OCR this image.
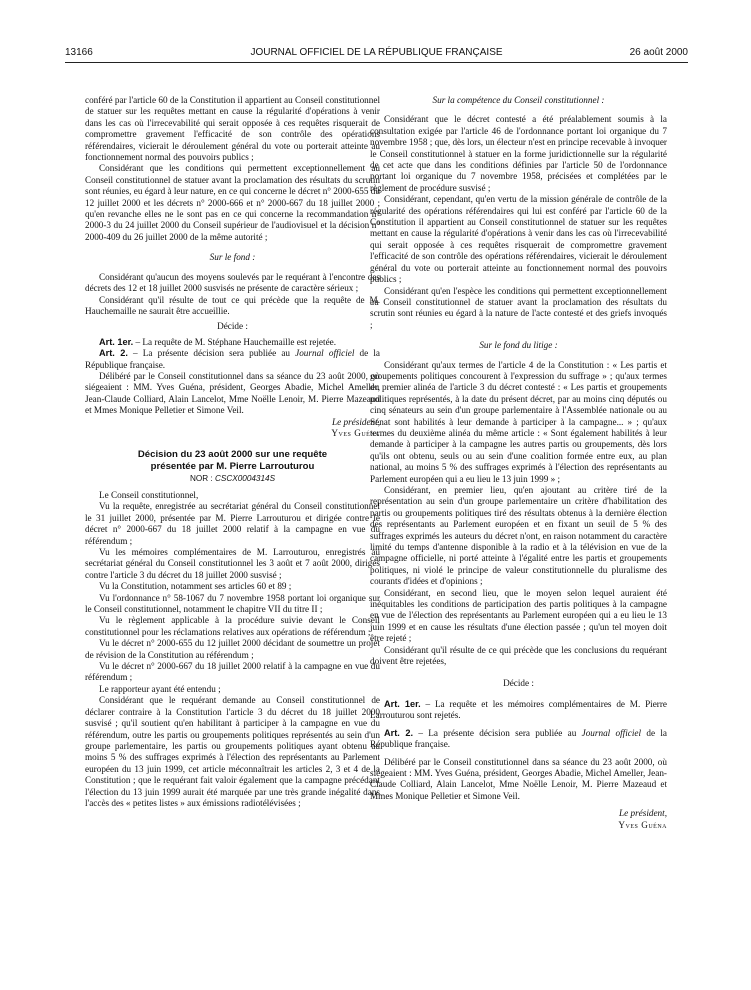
13166	JOURNAL OFFICIEL DE LA RÉPUBLIQUE FRANÇAISE	26 août 2000

conféré par l'article 60 de la Constitution il appartient au Conseil constitutionnel de statuer sur les requêtes mettant en cause la régularité d'opérations à venir dans les cas où l'irrecevabilité qui serait opposée à ces requêtes risquerait de compromettre gravement l'efficacité de son contrôle des opérations référendaires, vicierait le déroulement général du vote ou porterait atteinte au fonctionnement normal des pouvoirs publics ;

Considérant que les conditions qui permettent exceptionnellement au Conseil constitutionnel de statuer avant la proclamation des résultats du scrutin sont réunies, eu égard à leur nature, en ce qui concerne le décret n° 2000-655 du 12 juillet 2000 et les décrets n° 2000-666 et n° 2000-667 du 18 juillet 2000 ; qu'en revanche elles ne le sont pas en ce qui concerne la recommandation n° 2000-3 du 24 juillet 2000 du Conseil supérieur de l'audiovisuel et la décision n° 2000-409 du 26 juillet 2000 de la même autorité ;

Sur le fond :

Considérant qu'aucun des moyens soulevés par le requérant à l'encontre des décrets des 12 et 18 juillet 2000 susvisés ne présente de caractère sérieux ;

Considérant qu'il résulte de tout ce qui précède que la requête de M. Hauchemaille ne saurait être accueillie.

Décide :

Art. 1er. – La requête de M. Stéphane Hauchemaille est rejetée.

Art. 2. – La présente décision sera publiée au Journal officiel de la République française.

Délibéré par le Conseil constitutionnel dans sa séance du 23 août 2000, où siégeaient : MM. Yves Guéna, président, Georges Abadie, Michel Ameller, Jean-Claude Colliard, Alain Lancelot, Mme Noëlle Lenoir, M. Pierre Mazeaud et Mmes Monique Pelletier et Simone Veil.

Le président,

Yves Guéna

Décision du 23 août 2000 sur une requête
présentée par M. Pierre Larrouturou

NOR : CSCX0004314S

Le Conseil constitutionnel,

Vu la requête, enregistrée au secrétariat général du Conseil constitutionnel le 31 juillet 2000, présentée par M. Pierre Larrouturou et dirigée contre le décret n° 2000-667 du 18 juillet 2000 relatif à la campagne en vue du référendum ;

Vu les mémoires complémentaires de M. Larrouturou, enregistrés au secrétariat général du Conseil constitutionnel les 3 août et 7 août 2000, dirigés contre l'article 3 du décret du 18 juillet 2000 susvisé ;

Vu la Constitution, notamment ses articles 60 et 89 ;

Vu l'ordonnance n° 58-1067 du 7 novembre 1958 portant loi organique sur le Conseil constitutionnel, notamment le chapitre VII du titre II ;

Vu le règlement applicable à la procédure suivie devant le Conseil constitutionnel pour les réclamations relatives aux opérations de référendum ;

Vu le décret n° 2000-655 du 12 juillet 2000 décidant de soumettre un projet de révision de la Constitution au référendum ;

Vu le décret n° 2000-667 du 18 juillet 2000 relatif à la campagne en vue du référendum ;

Le rapporteur ayant été entendu ;

Considérant que le requérant demande au Conseil constitutionnel de déclarer contraire à la Constitution l'article 3 du décret du 18 juillet 2000 susvisé ; qu'il soutient qu'en habilitant à participer à la campagne en vue du référendum, outre les partis ou groupements politiques représentés au sein d'un groupe parlementaire, les partis ou groupements politiques ayant obtenu au moins 5 % des suffrages exprimés à l'élection des représentants au Parlement européen du 13 juin 1999, cet article méconnaîtrait les articles 2, 3 et 4 de la Constitution ; que le requérant fait valoir également que la campagne précédant l'élection du 13 juin 1999 aurait été marquée par une très grande inégalité dans l'accès des « petites listes » aux émissions radiotélévisées ;

Sur la compétence du Conseil constitutionnel :

Considérant que le décret contesté a été préalablement soumis à la consultation exigée par l'article 46 de l'ordonnance portant loi organique du 7 novembre 1958 ; que, dès lors, un électeur n'est en principe recevable à invoquer le Conseil constitutionnel à statuer en la forme juridictionnelle sur la régularité de cet acte que dans les conditions définies par l'article 50 de l'ordonnance portant loi organique du 7 novembre 1958, précisées et complétées par le règlement de procédure susvisé ;

Considérant, cependant, qu'en vertu de la mission générale de contrôle de la régularité des opérations référendaires qui lui est conféré par l'article 60 de la Constitution il appartient au Conseil constitutionnel de statuer sur les requêtes mettant en cause la régularité d'opérations à venir dans les cas où l'irrecevabilité qui serait opposée à ces requêtes risquerait de compromettre gravement l'efficacité de son contrôle des opérations référendaires, vicierait le déroulement général du vote ou porterait atteinte au fonctionnement normal des pouvoirs publics ;

Considérant qu'en l'espèce les conditions qui permettent exceptionnellement au Conseil constitutionnel de statuer avant la proclamation des résultats du scrutin sont réunies eu égard à la nature de l'acte contesté et des griefs invoqués ;

Sur le fond du litige :

Considérant qu'aux termes de l'article 4 de la Constitution : « Les partis et groupements politiques concourent à l'expression du suffrage » ; qu'aux termes du premier alinéa de l'article 3 du décret contesté : « Les partis et groupements politiques représentés, à la date du présent décret, par au moins cinq députés ou cinq sénateurs au sein d'un groupe parlementaire à l'Assemblée nationale ou au Sénat sont habilités à leur demande à participer à la campagne... » ; qu'aux termes du deuxième alinéa du même article : « Sont également habilités à leur demande à participer à la campagne les autres partis ou groupements, dès lors qu'ils ont obtenu, seuls ou au sein d'une coalition formée entre eux, au plan national, au moins 5 % des suffrages exprimés à l'élection des représentants au Parlement européen qui a eu lieu le 13 juin 1999 » ;

Considérant, en premier lieu, qu'en ajoutant au critère tiré de la représentation au sein d'un groupe parlementaire un critère d'habilitation des partis ou groupements politiques tiré des résultats obtenus à la dernière élection des représentants au Parlement européen et en fixant un seuil de 5 % des suffrages exprimés les auteurs du décret n'ont, en raison notamment du caractère limité du temps d'antenne disponible à la radio et à la télévision en vue de la campagne officielle, ni porté atteinte à l'égalité entre les partis et groupements politiques, ni violé le principe de valeur constitutionnelle du pluralisme des courants d'idées et d'opinions ;

Considérant, en second lieu, que le moyen selon lequel auraient été inéquitables les conditions de participation des partis politiques à la campagne en vue de l'élection des représentants au Parlement européen qui a eu lieu le 13 juin 1999 et en cause les résultats d'une élection passée ; qu'un tel moyen doit être rejeté ;

Considérant qu'il résulte de ce qui précède que les conclusions du requérant doivent être rejetées,

Décide :

Art. 1er. – La requête et les mémoires complémentaires de M. Pierre Larrouturou sont rejetés.

Art. 2. – La présente décision sera publiée au Journal officiel de la République française.

Délibéré par le Conseil constitutionnel dans sa séance du 23 août 2000, où siégeaient : MM. Yves Guéna, président, Georges Abadie, Michel Ameller, Jean-Claude Colliard, Alain Lancelot, Mme Noëlle Lenoir, M. Pierre Mazeaud et Mmes Monique Pelletier et Simone Veil.

Le président,

Yves Guéna
